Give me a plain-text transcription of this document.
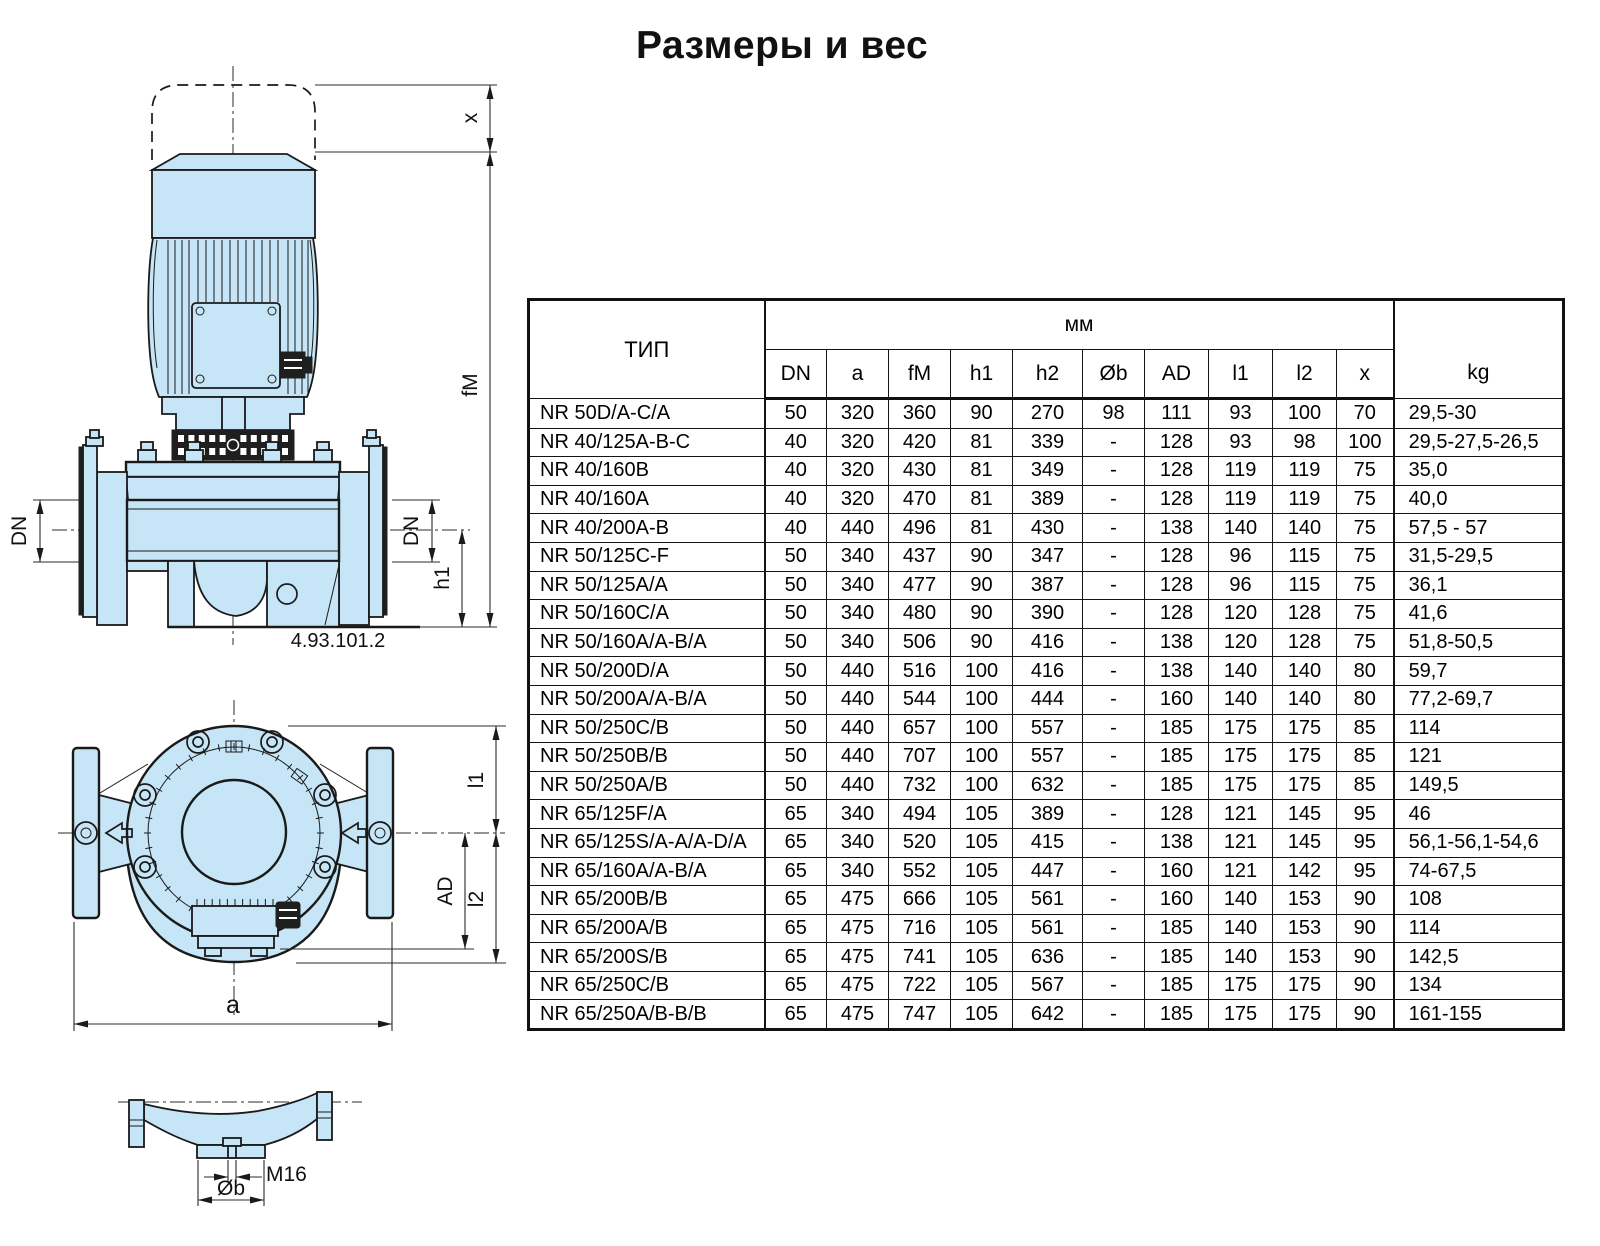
Размеры и вес
x
fM
h1
DN	DN
4.93.101.2
l1
AD l2
a
M16
Øb
ТИП	мм										kg
	DN	a	fM	h1	h2	Øb	AD	l1	l2	x	
NR 50D/A-C/A	50	320	360	90	270	98	111	93	100	70	29,5-30
NR 40/125A-B-C	40	320	420	81	339	-	128	93	98	100	29,5-27,5-26,5
NR 40/160B	40	320	430	81	349	-	128	119	119	75	35,0
NR 40/160A	40	320	470	81	389	-	128	119	119	75	40,0
NR 40/200A-B	40	440	496	81	430	-	138	140	140	75	57,5 - 57
NR 50/125C-F	50	340	437	90	347	-	128	96	115	75	31,5-29,5
NR 50/125A/A	50	340	477	90	387	-	128	96	115	75	36,1
NR 50/160C/A	50	340	480	90	390	-	128	120	128	75	41,6
NR 50/160A/A-B/A	50	340	506	90	416	-	138	120	128	75	51,8-50,5
NR 50/200D/A	50	440	516	100	416	-	138	140	140	80	59,7
NR 50/200A/A-B/A	50	440	544	100	444	-	160	140	140	80	77,2-69,7
NR 50/250C/B	50	440	657	100	557	-	185	175	175	85	114
NR 50/250B/B	50	440	707	100	557	-	185	175	175	85	121
NR 50/250A/B	50	440	732	100	632	-	185	175	175	85	149,5
NR 65/125F/A	65	340	494	105	389	-	128	121	145	95	46
NR 65/125S/A-A/A-D/A	65	340	520	105	415	-	138	121	145	95	56,1-56,1-54,6
NR 65/160A/A-B/A	65	340	552	105	447	-	160	121	142	95	74-67,5
NR 65/200B/B	65	475	666	105	561	-	160	140	153	90	108
NR 65/200A/B	65	475	716	105	561	-	185	140	153	90	114
NR 65/200S/B	65	475	741	105	636	-	185	140	153	90	142,5
NR 65/250C/B	65	475	722	105	567	-	185	175	175	90	134
NR 65/250A/B-B/B	65	475	747	105	642	-	185	175	175	90	161-155
